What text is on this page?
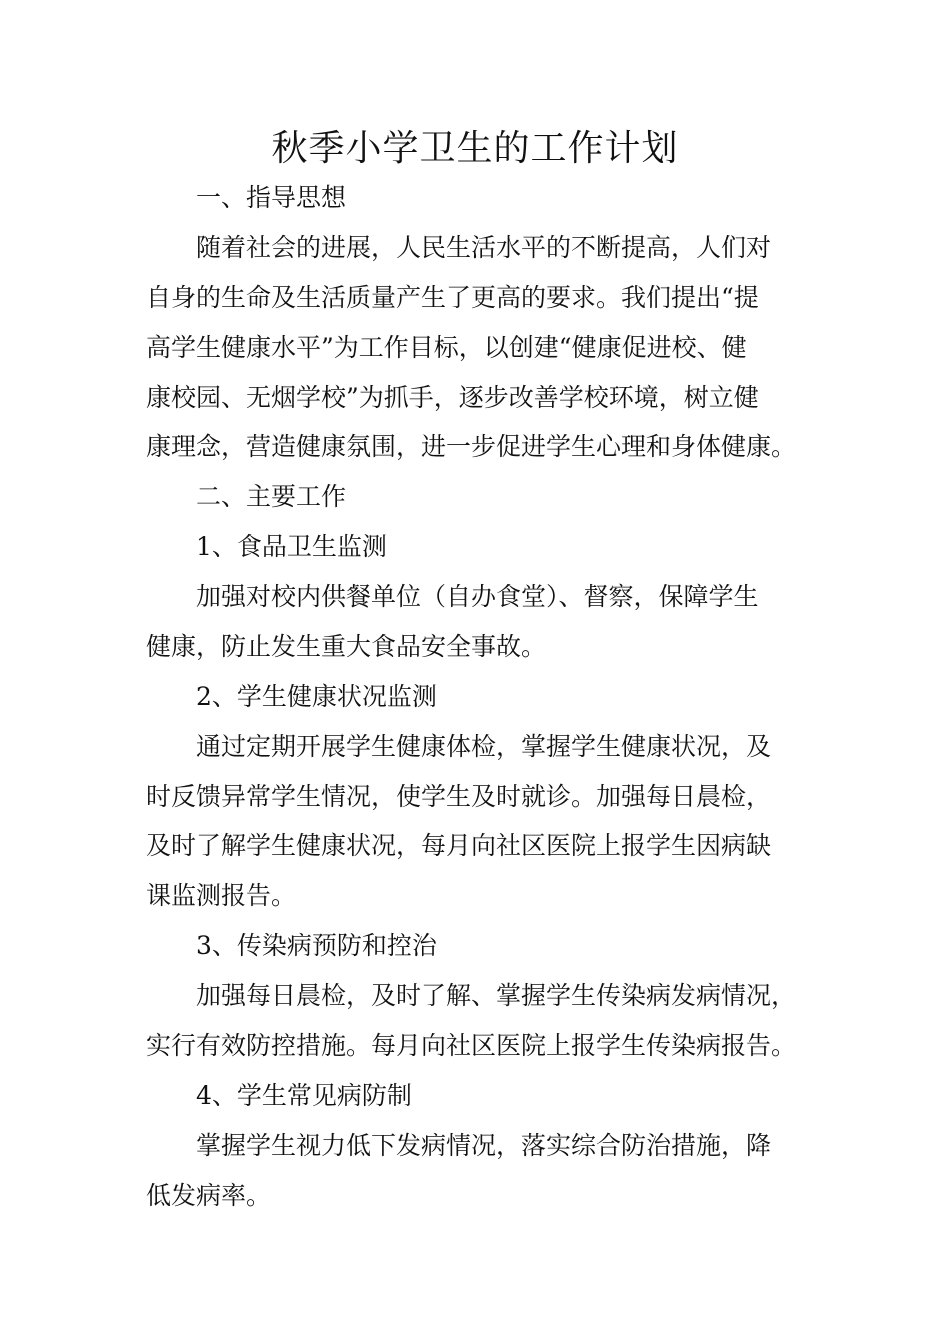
秋季小学卫生的工作计划

一、指导思想

随着社会的进展，人民生活水平的不断提高，人们对

自身的生命及生活质量产生了更高的要求。我们提出“提

高学生健康水平”为工作目标，以创建“健康促进校、健

康校园、无烟学校”为抓手，逐步改善学校环境，树立健

康理念，营造健康氛围，进一步促进学生心理和身体健康。

二、主要工作

1、食品卫生监测

加强对校内供餐单位（自办食堂）、督察，保障学生

健康，防止发生重大食品安全事故。

2、学生健康状况监测

通过定期开展学生健康体检，掌握学生健康状况，及

时反馈异常学生情况，使学生及时就诊。加强每日晨检，

及时了解学生健康状况，每月向社区医院上报学生因病缺

课监测报告。

3、传染病预防和控治

加强每日晨检，及时了解、掌握学生传染病发病情况，

实行有效防控措施。每月向社区医院上报学生传染病报告。

4、学生常见病防制

掌握学生视力低下发病情况，落实综合防治措施，降

低发病率。
